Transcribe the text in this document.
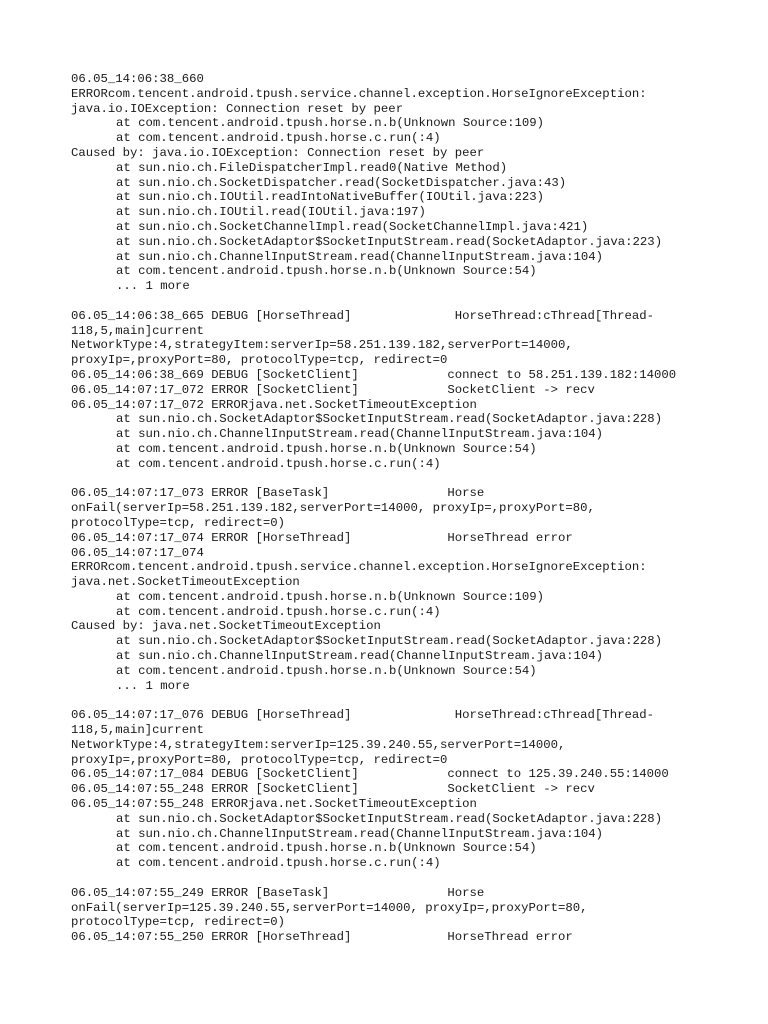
06.05_14:06:38_660
ERRORcom.tencent.android.tpush.service.channel.exception.HorseIgnoreException:
java.io.IOException: Connection reset by peer
at com.tencent.android.tpush.horse.n.b(Unknown Source:109)
at com.tencent.android.tpush.horse.c.run(:4)
Caused by: java.io.IOException: Connection reset by peer
at sun.nio.ch.FileDispatcherImpl.read0(Native Method)
at sun.nio.ch.SocketDispatcher.read(SocketDispatcher.java:43)
at sun.nio.ch.IOUtil.readIntoNativeBuffer(IOUtil.java:223)
at sun.nio.ch.IOUtil.read(IOUtil.java:197)
at sun.nio.ch.SocketChannelImpl.read(SocketChannelImpl.java:421)
at sun.nio.ch.SocketAdaptor$SocketInputStream.read(SocketAdaptor.java:223)
at sun.nio.ch.ChannelInputStream.read(ChannelInputStream.java:104)
at com.tencent.android.tpush.horse.n.b(Unknown Source:54)
... 1 more
06.05_14:06:38_665 DEBUG [HorseThread]              HorseThread:cThread[Thread-
118,5,main]current
NetworkType:4,strategyItem:serverIp=58.251.139.182,serverPort=14000,
proxyIp=,proxyPort=80, protocolType=tcp, redirect=0
06.05_14:06:38_669 DEBUG [SocketClient]            connect to 58.251.139.182:14000
06.05_14:07:17_072 ERROR [SocketClient]            SocketClient -> recv
06.05_14:07:17_072 ERRORjava.net.SocketTimeoutException
at sun.nio.ch.SocketAdaptor$SocketInputStream.read(SocketAdaptor.java:228)
at sun.nio.ch.ChannelInputStream.read(ChannelInputStream.java:104)
at com.tencent.android.tpush.horse.n.b(Unknown Source:54)
at com.tencent.android.tpush.horse.c.run(:4)
06.05_14:07:17_073 ERROR [BaseTask]                Horse
onFail(serverIp=58.251.139.182,serverPort=14000, proxyIp=,proxyPort=80,
protocolType=tcp, redirect=0)
06.05_14:07:17_074 ERROR [HorseThread]             HorseThread error
06.05_14:07:17_074
ERRORcom.tencent.android.tpush.service.channel.exception.HorseIgnoreException:
java.net.SocketTimeoutException
at com.tencent.android.tpush.horse.n.b(Unknown Source:109)
at com.tencent.android.tpush.horse.c.run(:4)
Caused by: java.net.SocketTimeoutException
at sun.nio.ch.SocketAdaptor$SocketInputStream.read(SocketAdaptor.java:228)
at sun.nio.ch.ChannelInputStream.read(ChannelInputStream.java:104)
at com.tencent.android.tpush.horse.n.b(Unknown Source:54)
... 1 more
06.05_14:07:17_076 DEBUG [HorseThread]              HorseThread:cThread[Thread-
118,5,main]current
NetworkType:4,strategyItem:serverIp=125.39.240.55,serverPort=14000,
proxyIp=,proxyPort=80, protocolType=tcp, redirect=0
06.05_14:07:17_084 DEBUG [SocketClient]            connect to 125.39.240.55:14000
06.05_14:07:55_248 ERROR [SocketClient]            SocketClient -> recv
06.05_14:07:55_248 ERRORjava.net.SocketTimeoutException
at sun.nio.ch.SocketAdaptor$SocketInputStream.read(SocketAdaptor.java:228)
at sun.nio.ch.ChannelInputStream.read(ChannelInputStream.java:104)
at com.tencent.android.tpush.horse.n.b(Unknown Source:54)
at com.tencent.android.tpush.horse.c.run(:4)
06.05_14:07:55_249 ERROR [BaseTask]                Horse
onFail(serverIp=125.39.240.55,serverPort=14000, proxyIp=,proxyPort=80,
protocolType=tcp, redirect=0)
06.05_14:07:55_250 ERROR [HorseThread]             HorseThread error
